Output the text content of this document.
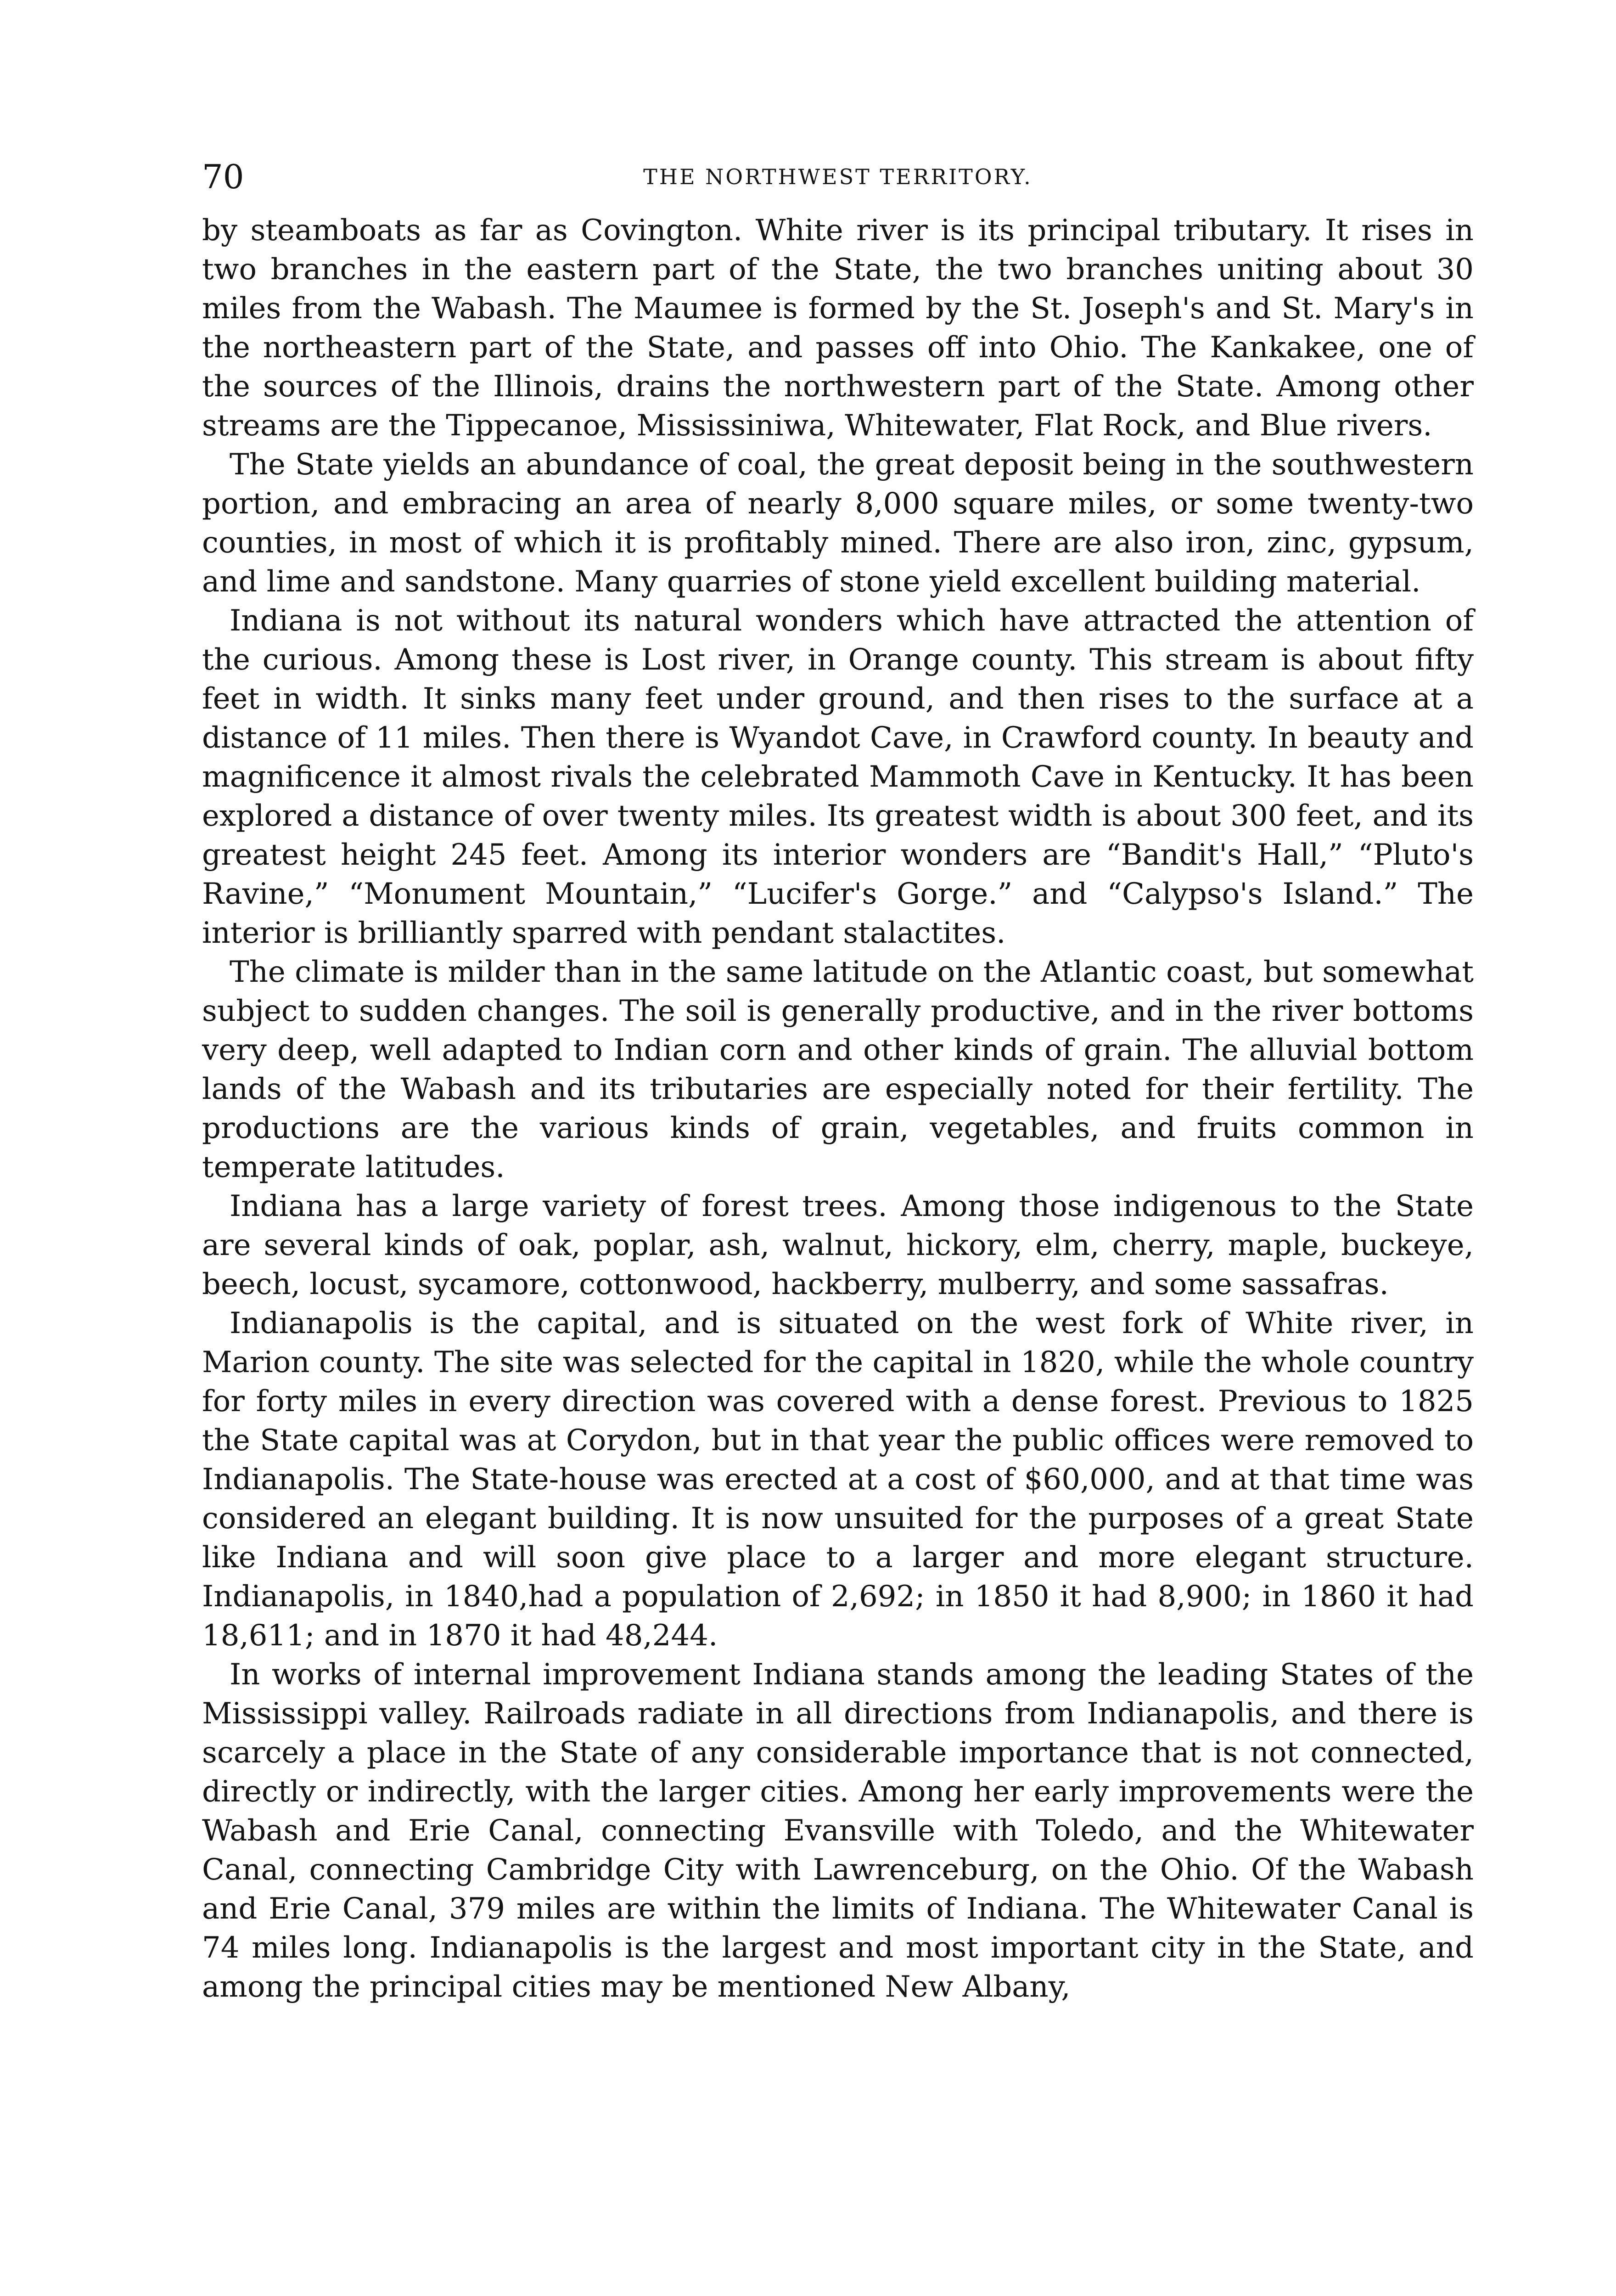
70	THE NORTHWEST TERRITORY.

by steamboats as far as Covington. White river is its principal tributary. It rises in two branches in the eastern part of the State, the two branches uniting about 30 miles from the Wabash. The Maumee is formed by the St. Joseph's and St. Mary's in the northeastern part of the State, and passes off into Ohio. The Kankakee, one of the sources of the Illinois, drains the northwestern part of the State. Among other streams are the Tippecanoe, Mississiniwa, Whitewater, Flat Rock, and Blue rivers.

The State yields an abundance of coal, the great deposit being in the southwestern portion, and embracing an area of nearly 8,000 square miles, or some twenty-two counties, in most of which it is profitably mined. There are also iron, zinc, gypsum, and lime and sandstone. Many quarries of stone yield excellent building material.

Indiana is not without its natural wonders which have attracted the attention of the curious. Among these is Lost river, in Orange county. This stream is about fifty feet in width. It sinks many feet under ground, and then rises to the surface at a distance of 11 miles. Then there is Wyandot Cave, in Crawford county. In beauty and magnificence it almost rivals the celebrated Mammoth Cave in Kentucky. It has been explored a distance of over twenty miles. Its greatest width is about 300 feet, and its greatest height 245 feet. Among its interior wonders are “Bandit's Hall,” “Pluto's Ravine,” “Monument Mountain,” “Lucifer's Gorge.” and “Calypso's Island.” The interior is brilliantly sparred with pendant stalactites.

The climate is milder than in the same latitude on the Atlantic coast, but somewhat subject to sudden changes. The soil is generally productive, and in the river bottoms very deep, well adapted to Indian corn and other kinds of grain. The alluvial bottom lands of the Wabash and its tributaries are especially noted for their fertility. The productions are the various kinds of grain, vegetables, and fruits common in temperate latitudes.

Indiana has a large variety of forest trees. Among those indigenous to the State are several kinds of oak, poplar, ash, walnut, hickory, elm, cherry, maple, buckeye, beech, locust, sycamore, cottonwood, hackberry, mulberry, and some sassafras.

Indianapolis is the capital, and is situated on the west fork of White river, in Marion county. The site was selected for the capital in 1820, while the whole country for forty miles in every direction was covered with a dense forest. Previous to 1825 the State capital was at Corydon, but in that year the public offices were removed to Indianapolis. The State-house was erected at a cost of $60,000, and at that time was considered an elegant building. It is now unsuited for the purposes of a great State like Indiana and will soon give place to a larger and more elegant structure. Indianapolis, in 1840,had a population of 2,692; in 1850 it had 8,900; in 1860 it had 18,611; and in 1870 it had 48,244.

In works of internal improvement Indiana stands among the leading States of the Mississippi valley. Railroads radiate in all directions from Indianapolis, and there is scarcely a place in the State of any considerable importance that is not connected, directly or indirectly, with the larger cities. Among her early improvements were the Wabash and Erie Canal, connecting Evansville with Toledo, and the Whitewater Canal, connecting Cambridge City with Lawrenceburg, on the Ohio. Of the Wabash and Erie Canal, 379 miles are within the limits of Indiana. The Whitewater Canal is 74 miles long. Indianapolis is the largest and most important city in the State, and among the principal cities may be mentioned New Albany,
